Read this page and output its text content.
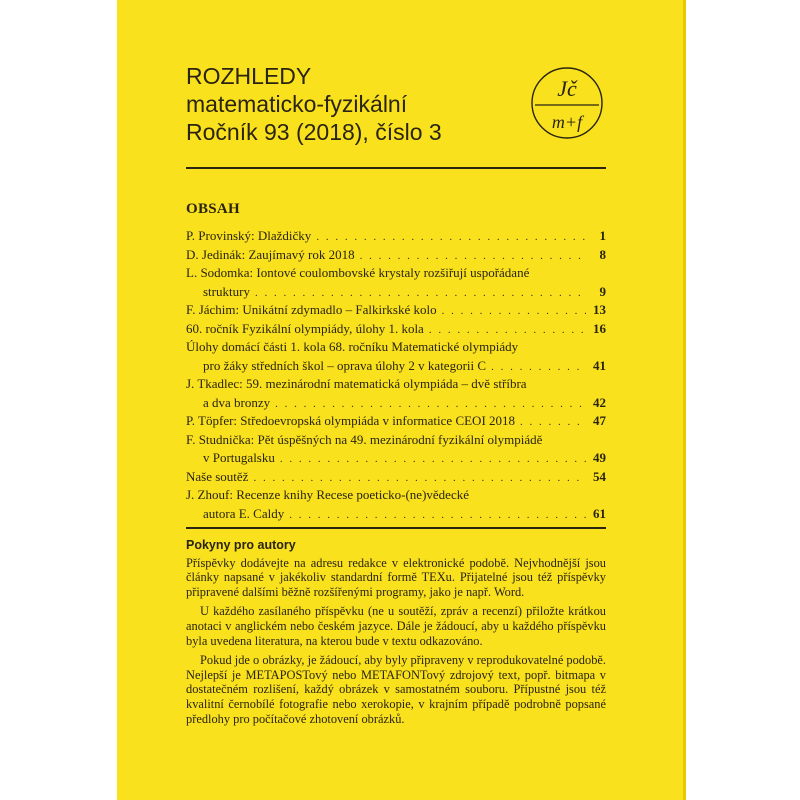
ROZHLEDY
matematicko-fyzikální
Ročník 93 (2018), číslo 3
Jč
m+f
OBSAH
P. Provinský: Dlaždičky . . .	1
D. Jedinák: Zaujímavý rok 2018 . . .	8
L. Sodomka: Iontové coulombovské krystaly rozšiřují uspořádané
struktury . . .	9
F. Jáchim: Unikátní zdymadlo – Falkirkské kolo . . .	13
60. ročník Fyzikální olympiády, úlohy 1. kola . . .	16
Úlohy domácí části 1. kola 68. ročníku Matematické olympiády
pro žáky středních škol – oprava úlohy 2 v kategorii C . . .	41
J. Tkadlec: 59. mezinárodní matematická olympiáda – dvě stříbra
a dva bronzy . . .	42
P. Töpfer: Středoevropská olympiáda v informatice CEOI 2018 . . .	47
F. Studnička: Pět úspěšných na 49. mezinárodní fyzikální olympiádě
v Portugalsku . . .	49
Naše soutěž . . .	54
J. Zhouf: Recenze knihy Recese poeticko-(ne)vědecké
autora E. Caldy . . .	61
Pokyny pro autory

Příspěvky dodávejte na adresu redakce v elektronické podobě. Nejvhodnější jsou články napsané v jakékoliv standardní formě TEXu. Přijatelné jsou též příspěvky připravené dalšími běžně rozšířenými programy, jako je např. Word.

U každého zasílaného příspěvku (ne u soutěží, zpráv a recenzí) přiložte krátkou anotaci v anglickém nebo českém jazyce. Dále je žádoucí, aby u každého příspěvku byla uvedena literatura, na kterou bude v textu odkazováno.

Pokud jde o obrázky, je žádoucí, aby byly připraveny v reprodukovatelné podobě. Nejlepší je METAPOSTový nebo METAFONTový zdrojový text, popř. bitmapa v dostatečném rozlišení, každý obrázek v samostatném souboru. Přípustné jsou též kvalitní černobílé fotografie nebo xerokopie, v krajním případě podrobně popsané předlohy pro počítačové zhotovení obrázků.
